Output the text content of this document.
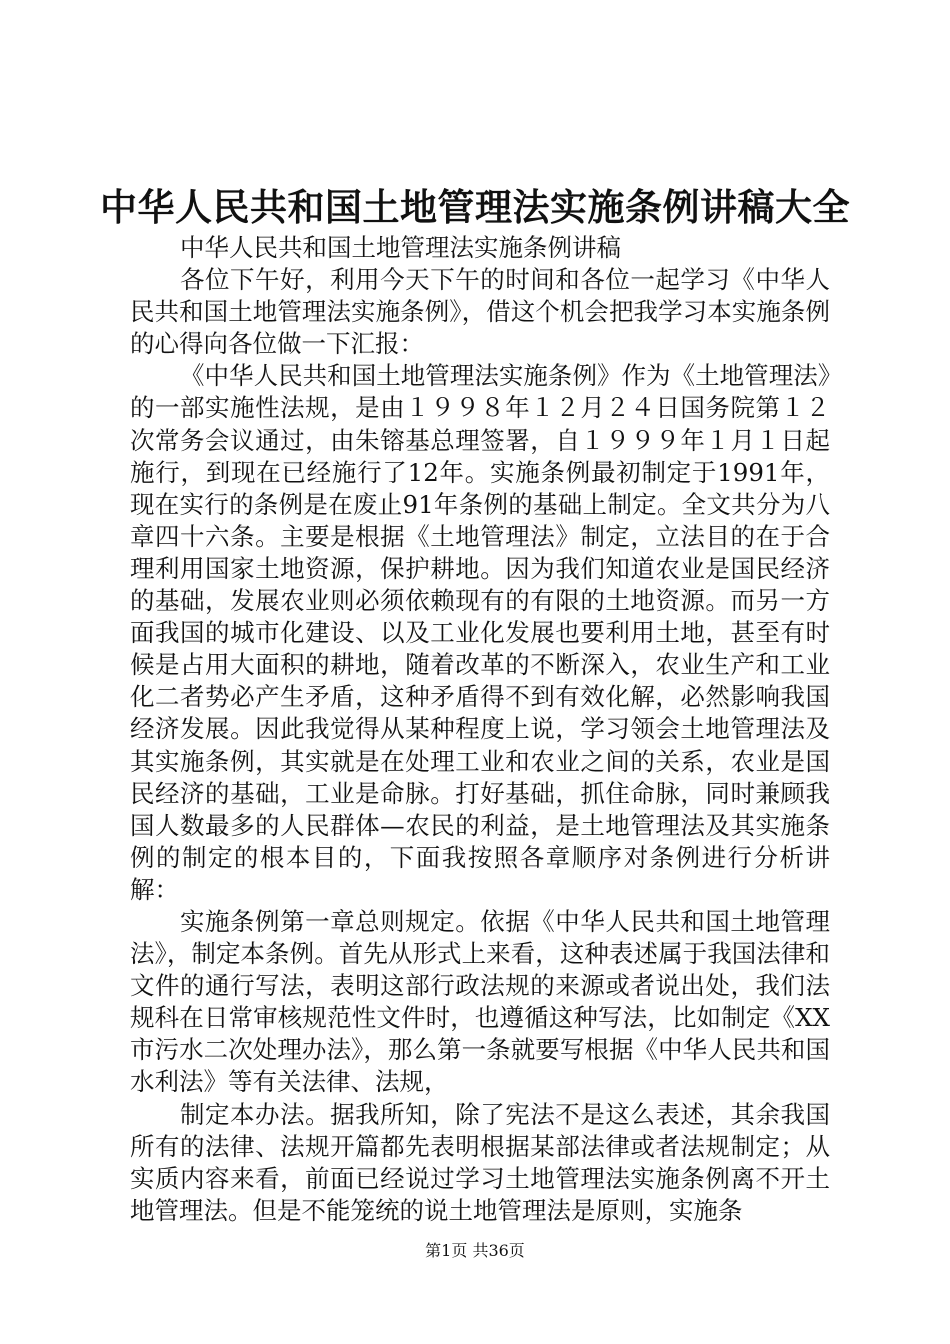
中华人民共和国土地管理法实施条例讲稿大全

中华人民共和国土地管理法实施条例讲稿

各位下午好，利用今天下午的时间和各位一起学习《中华人民共和国土地管理法实施条例》，借这个机会把我学习本实施条例的心得向各位做一下汇报：

《中华人民共和国土地管理法实施条例》作为《土地管理法》的一部实施性法规，是由１９９８年１２月２４日国务院第１２次常务会议通过，由朱镕基总理签署，自１９９９年１月１日起施行，到现在已经施行了12年。实施条例最初制定于1991年，现在实行的条例是在废止91年条例的基础上制定。全文共分为八章四十六条。主要是根据《土地管理法》制定，立法目的在于合理利用国家土地资源，保护耕地。因为我们知道农业是国民经济的基础，发展农业则必须依赖现有的有限的土地资源。而另一方面我国的城市化建设、以及工业化发展也要利用土地，甚至有时候是占用大面积的耕地，随着改革的不断深入，农业生产和工业化二者势必产生矛盾，这种矛盾得不到有效化解，必然影响我国经济发展。因此我觉得从某种程度上说，学习领会土地管理法及其实施条例，其实就是在处理工业和农业之间的关系，农业是国民经济的基础，工业是命脉。打好基础，抓住命脉，同时兼顾我国人数最多的人民群体—农民的利益，是土地管理法及其实施条例的制定的根本目的，下面我按照各章顺序对条例进行分析讲解：

实施条例第一章总则规定。依据《中华人民共和国土地管理法》，制定本条例。首先从形式上来看，这种表述属于我国法律和文件的通行写法，表明这部行政法规的来源或者说出处，我们法规科在日常审核规范性文件时，也遵循这种写法，比如制定《XX市污水二次处理办法》，那么第一条就要写根据《中华人民共和国水利法》等有关法律、法规，

制定本办法。据我所知，除了宪法不是这么表述，其余我国所有的法律、法规开篇都先表明根据某部法律或者法规制定；从实质内容来看，前面已经说过学习土地管理法实施条例离不开土地管理法。但是不能笼统的说土地管理法是原则，实施条

第1页 共36页
